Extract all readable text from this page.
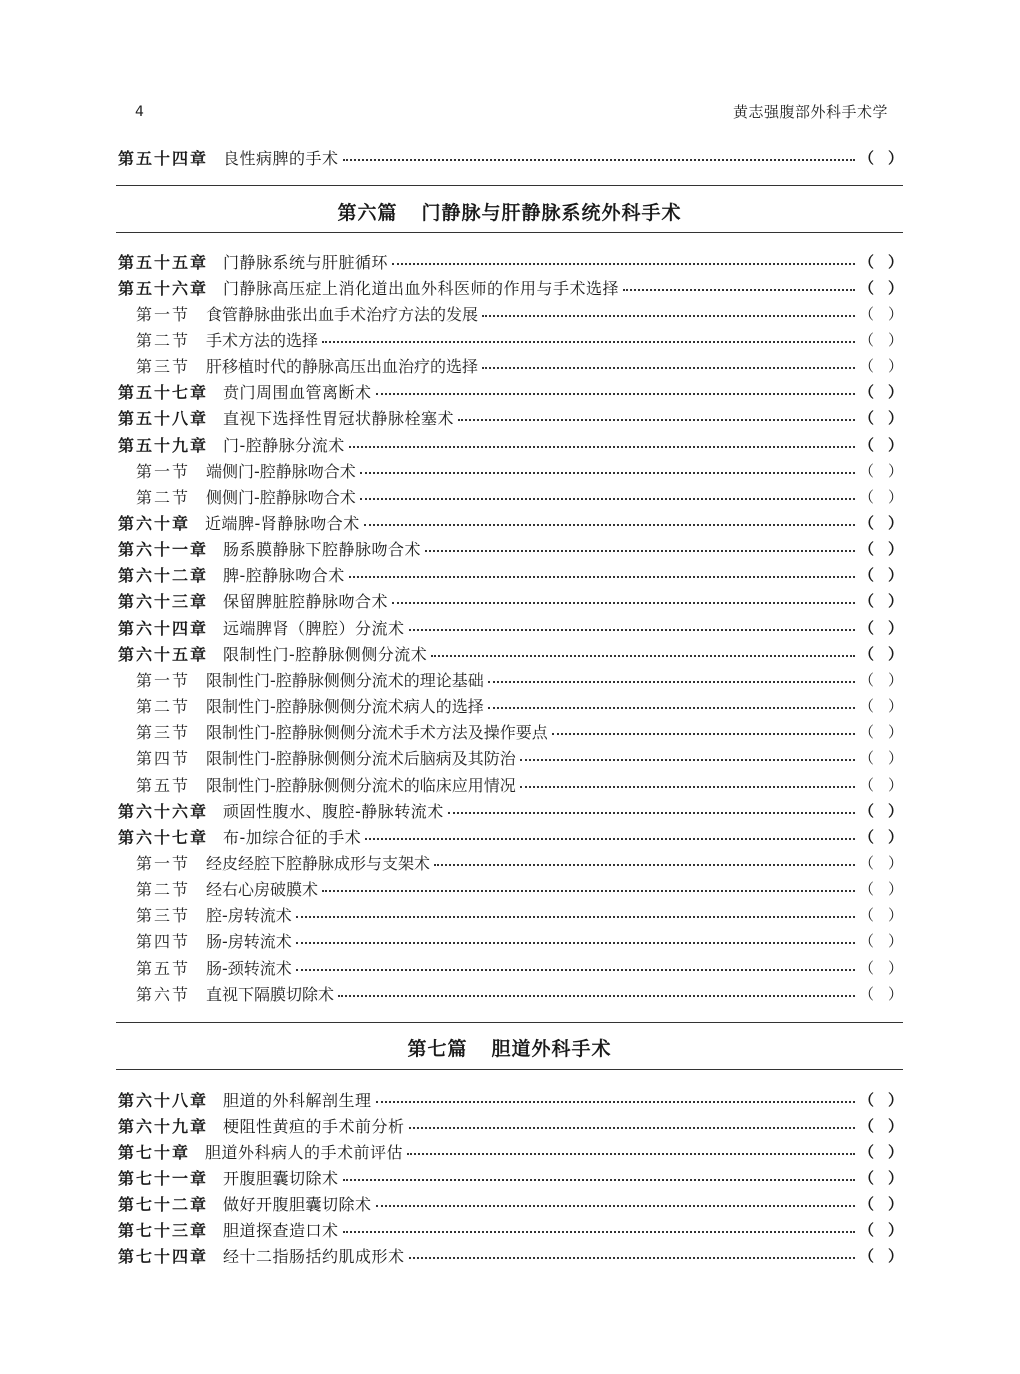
4	黄志强腹部外科手术学
第五十四章 良性病脾的手术	（ ）
第五十五章 门静脉系统与肝脏循环	（ ）
第五十六章 门静脉高压症上消化道出血外科医师的作用与手术选择	（ ）
第一节 食管静脉曲张出血手术治疗方法的发展	（ ）
第二节 手术方法的选择	（ ）
第三节 肝移植时代的静脉高压出血治疗的选择	（ ）
第五十七章 贲门周围血管离断术	（ ）
第五十八章 直视下选择性胃冠状静脉栓塞术	（ ）
第五十九章 门-腔静脉分流术	（ ）
第一节 端侧门-腔静脉吻合术	（ ）
第二节 侧侧门-腔静脉吻合术	（ ）
第六十章 近端脾-肾静脉吻合术	（ ）
第六十一章 肠系膜静脉下腔静脉吻合术	（ ）
第六十二章 脾-腔静脉吻合术	（ ）
第六十三章 保留脾脏腔静脉吻合术	（ ）
第六十四章 远端脾肾（脾腔）分流术	（ ）
第六十五章 限制性门-腔静脉侧侧分流术	（ ）
第一节 限制性门-腔静脉侧侧分流术的理论基础	（ ）
第二节 限制性门-腔静脉侧侧分流术病人的选择	（ ）
第三节 限制性门-腔静脉侧侧分流术手术方法及操作要点	（ ）
第四节 限制性门-腔静脉侧侧分流术后脑病及其防治	（ ）
第五节 限制性门-腔静脉侧侧分流术的临床应用情况	（ ）
第六十六章 顽固性腹水、腹腔-静脉转流术	（ ）
第六十七章 布-加综合征的手术	（ ）
第一节 经皮经腔下腔静脉成形与支架术	（ ）
第二节 经右心房破膜术	（ ）
第三节 腔-房转流术	（ ）
第四节 肠-房转流术	（ ）
第五节 肠-颈转流术	（ ）
第六节 直视下隔膜切除术	（ ）
第六十八章 胆道的外科解剖生理	（ ）
第六十九章 梗阻性黄疸的手术前分析	（ ）
第七十章 胆道外科病人的手术前评估	（ ）
第七十一章 开腹胆囊切除术	（ ）
第七十二章 做好开腹胆囊切除术	（ ）
第七十三章 胆道探查造口术	（ ）
第七十四章 经十二指肠括约肌成形术	（ ）
第六篇 门静脉与肝静脉系统外科手术
第七篇 胆道外科手术
